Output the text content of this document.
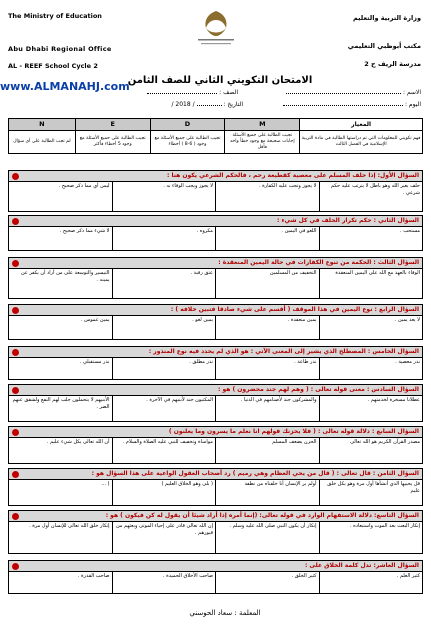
The Ministry of Education
Abu Dhabi Regional Office
AL - REEF School Cycle 2
وزارة التربية والتعليم
مكتب أبوظبي التعليمي
مدرسة الريف ح 2
www.ALMANAHJ.com
الامتحان التكويني الثاني للصف الثامن
الاسم :
الصف :
اليوم :
التاريخ :  / 2018 /
N	E	D	M	المعيار
لم تجب الطالبة على أي سؤال	تجيب الطالبة على جميع الأسئلة مع وجود 5 أخطاء فأكثر	تجيب الطالبة على جميع الأسئلة مع وجود ( 6-8 ) أخطاء	تجيب الطالبة على جميع الأسئلة إجابات صحيحة مع وجود خطأ واحد فأقل	فهم تكويني للمعلومات التي تم دراستها الطالبة في مادة التربية الإسلامية في الفصل الثالث
السؤال الأول: إذا حلف المسلم على معصية كقطيعة رحم ، فالحكم الشرعي يكون هنا :
حلف بغير الله وهو باطل لا يترتب عليه حكم شرعي .
لا يجوز وتجب عليه الكفارة .
لا يجوز ويجب الوفاء به .
ليس أي مما ذكر صحيح .
السؤال الثاني : حكم تكرار الحلف في كل شيء :
مستحب .
اللغو في اليمين .
مكروه .
لا شيء مما ذكر صحيح .
السؤال الثالث : الحكمة من تنوع الكفارات في حالة اليمين المنعقدة :
الوفاء بالعهد مع الله على اليمين المنعقدة
التخفيف من المسلمين
عتق رقبة .
التيسير والتوسعة على من أراد أن يكفر عن يمينه .
السؤال الرابع : نوع اليمين في هذا الموقف ( أقسم على شيء صادقا فتبين خلافه ) :
لا يعد يمين .
يمين منعقدة .
يمين لغو .
يمين غموس .
السؤال الخامس : المصطلح الذي يشير إلى المعنى الآتي : هو الذي لم يحدد فيه نوع المنذور :
نذر معصية .
نذر طاعة .
نذر مطلق .
نذر مستقبلي .
السؤال السادس : معنى قوله تعالى : ( وهم لهم جند محضرون ) هو :
عطلانا مسخرة لخدمتهم .
والمشركون جند لأصنامهم في الدنيا .
المكتبون جند لأبنيهم في الآخرة .
الأبنيهم لا يتحملون جلب لهم النفع ولشقق عنهم الضر .
السؤال السابع : دلالة قوله تعالى : ( فلا يحزنك قولهم انا نعلم ما يسرون وما يعلنون )
مصدر القرآن الكريم هو الله تعالى
الحزن يضعف المسلم
مواساة وتخفيف للنبي عليه الصلاة والسلام .
أن الله تعالى يكل شيء عليم .
السؤال الثامن : قال تعالى : ( قال من يحي العظام وهي رميم ) رد أصحاب العقول الواعية على هذا السؤال هو :
قل يحييها الذي أنشأها أول مرة وهو بكل خلق عليم
أولم ير الإنسان أنا خلقناه من نطفة
( بلى وهو الخلاق العليم )
( ...
السؤال التاسع: دلالة الاستفهام الوارد في قوله تعالى: (إنما أمره إذا أراد شيئا أن يقول له كن فيكون ) هو :
إنكار البعث بعد الموت واستبعاده .
إنكار أن يكون النبي صلى الله عليه وسلم .
إن الله تعالى قادر على إحياء الموتى وبعثهم من قبورهم .
إنكار خلق الله تعالى للإنسان أول مرة .
السؤال العاشر: تدل كلمة الخلاق على :
كثير العلم .
كثير الخلق .
صاحب الأخلاق الحميدة .
صاحب القدرة .
المعلمة : سعاد الحوسني
